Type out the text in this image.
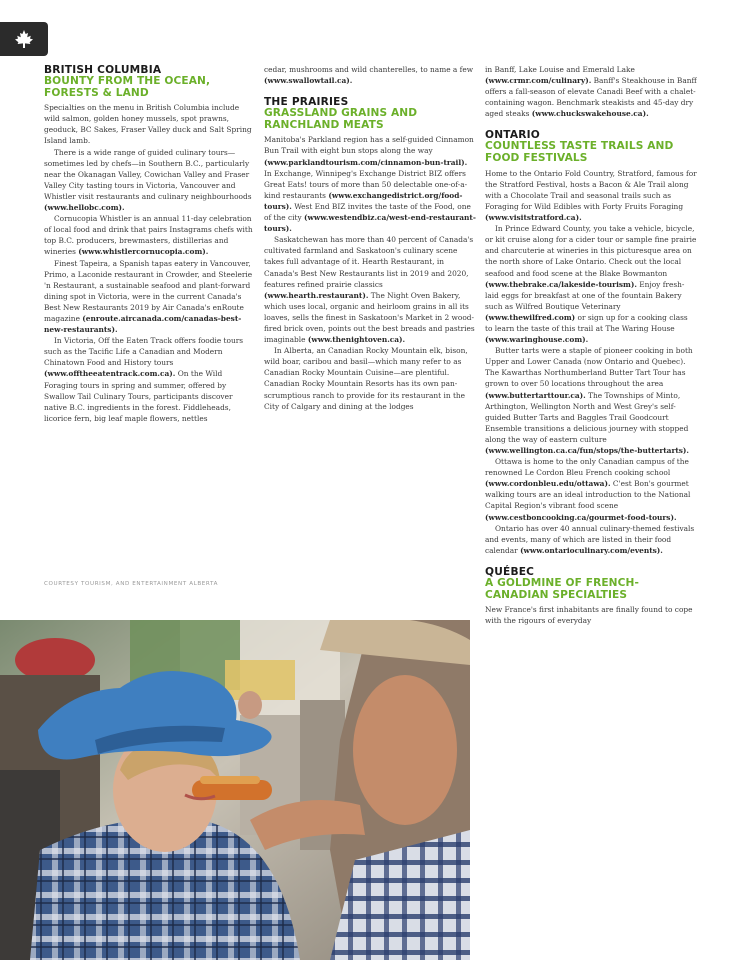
BRITISH COLUMBIA
BOUNTY FROM THE OCEAN, FORESTS & LAND

Specialties on the menu in British Columbia include wild salmon, golden honey mussels, spot prawns, geoduck, BC Sakes, Fraser Valley duck and Salt Spring Island lamb.

There is a wide range of guided culinary tours—sometimes led by chefs—in Southern B.C., particularly near the Okanagan Valley, Cowichan Valley and Fraser Valley City tasting tours in Victoria, Vancouver and Whistler visit restaurants and culinary neighbourhoods (www.hellobc.com).

Cornucopia Whistler is an annual 11-day celebration of local food and drink that pairs Instagrams chefs with top B.C. producers, brewmasters, distillerias and wineries (www.whistlercornucopia.com).

Finest Tapeira, a Spanish tapas eatery in Vancouver, Primo, a Laconide restaurant in Crowder, and Steelerie 'n Restaurant, a sustainable seafood and plant-forward dining spot in Victoria, were in the current Canada's Best New Restaurants 2019 by Air Canada's enRoute magazine (enroute.aircanada.com/canadas-best-new-restaurants).

In Victoria, Off the Eaten Track offers foodie tours such as the Tacific Life a Canadian and Modern Chinatown Food and History tours (www.offtheeatentrack.com.ca). On the Wild Foraging tours in spring and summer, offered by Swallow Tail Culinary Tours, participants discover native B.C. ingredients in the forest. Fiddleheads, licorice fern, big leaf maple flowers, nettles

cedar, mushrooms and wild chanterelles, to name a few (www.swallowtail.ca).

THE PRAIRIES
GRASSLAND GRAINS AND RANCHLAND MEATS

Manitoba's Parkland region has a self-guided Cinnamon Bun Trail with eight bun stops along the way (www.parklandtourism.com/cinnamon-bun-trail). In Exchange, Winnipeg's Exchange District BIZ offers Great Eats! tours of more than 50 delectable one-of-a-kind restaurants (www.exchangedistrict.org/food-tours). West End BIZ invites the taste of the Food, one of the city (www.westendbiz.ca/west-end-restaurant-tours).

Saskatchewan has more than 40 percent of Canada's cultivated farmland and Saskatoon's culinary scene takes full advantage of it. Hearth Restaurant, in Canada's Best New Restaurants list in 2019 and 2020, features refined prairie classics (www.hearth.restaurant). The Night Oven Bakery, which uses local, organic and heirloom grains in all its loaves, sells the finest in Saskatoon's Market in 2 wood-fired brick oven, points out the best breads and pastries imaginable (www.thenightoven.ca).

In Alberta, an Canadian Rocky Mountain elk, bison, wild boar, caribou and basil—which many refer to as Canadian Rocky Mountain Cuisine—are plentiful. Canadian Rocky Mountain Resorts has its own pan-scrumptious ranch to provide for its restaurant in the City of Calgary and dining at the lodges

in Banff, Lake Louise and Emerald Lake (www.crmr.com/culinary). Banff's Steakhouse in Banff offers a fall-season of elevate Canadi Beef with a chalet-containing wagon. Benchmark steakists and 45-day dry aged steaks (www.chuckswakehouse.ca).

ONTARIO
COUNTLESS TASTE TRAILS AND FOOD FESTIVALS

Home to the Ontario Fold Country, Stratford, famous for the Stratford Festival, hosts a Bacon & Ale Trail along with a Chocolate Trail and seasonal trails such as Foraging for Wild Edibles with Forty Fruits Foraging (www.visitstratford.ca).

In Prince Edward County, you take a vehicle, bicycle, or kit cruise along for a cider tour or sample fine prairie and charcuterie at wineries in this picturesque area on the north shore of Lake Ontario. Check out the local seafood and food scene at the Blake Bowmanton (www.thebrake.ca/lakeside-tourism). Enjoy fresh-laid eggs for breakfast at one of the fountain Bakery such as Wilfred Boutique Veterinary (www.thewilfred.com) or sign up for a cooking class to learn the taste of this trail at The Waring House (www.waringhouse.com).

Butter tarts were a staple of pioneer cooking in both Upper and Lower Canada (now Ontario and Quebec). The Kawarthas Northumberland Butter Tart Tour has grown to over 50 locations throughout the area (www.buttertarttour.ca). The Townships of Minto, Arthington, Wellington North and West Grey's self-guided Butter Tarts and Baggles Trail Goodcourt Ensemble transitions a delicious journey with stopped along the way of eastern culture (www.wellington.ca.ca/fun/stops/the-buttertarts).

Ottawa is home to the only Canadian campus of the renowned Le Cordon Bleu French cooking school (www.cordonbleu.edu/ottawa). C'est Bon's gourmet walking tours are an ideal introduction to the National Capital Region's vibrant food scene (www.cestboncooking.ca/gourmet-food-tours).

Ontario has over 40 annual culinary-themed festivals and events, many of which are listed in their food calendar (www.ontarioculinary.com/events).

QUÉBEC
A GOLDMINE OF FRENCH-CANADIAN SPECIALTIES

New France's first inhabitants are finally found to cope with the rigours of everyday

COURTESY TOURISM, AND ENTERTAINMENT ALBERTA
